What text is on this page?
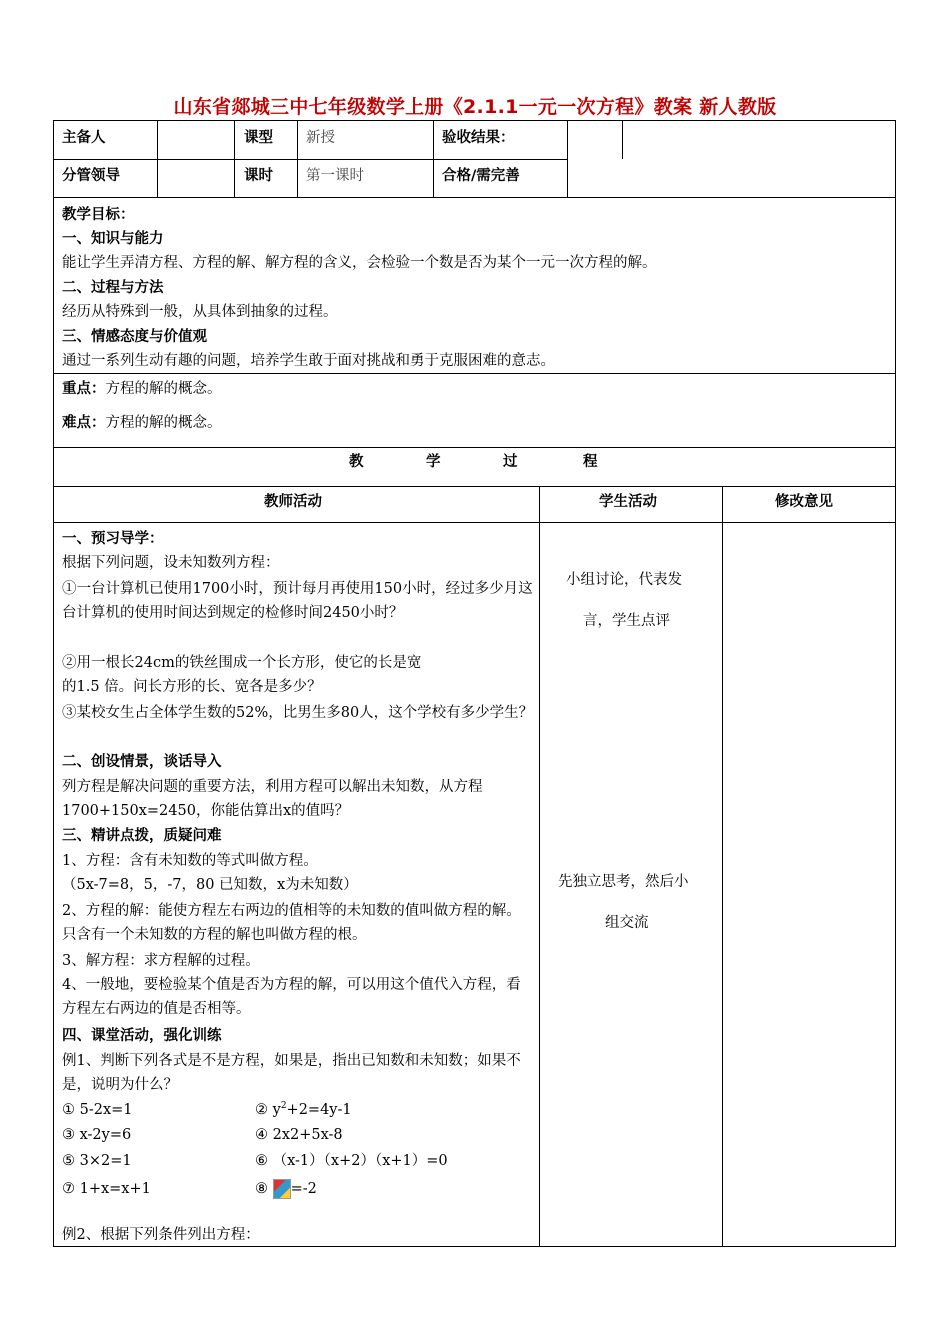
山东省郯城三中七年级数学上册《2.1.1一元一次方程》教案 新人教版
主备人	课型 新授	验收结果：
分管领导	课时 第一课时	合格/需完善
教学目标：
一、知识与能力
能让学生弄清方程、方程的解、解方程的含义，会检验一个数是否为某个一元一次方程的解。
二、过程与方法
经历从特殊到一般，从具体到抽象的过程。
三、情感态度与价值观
通过一系列生动有趣的问题，培养学生敢于面对挑战和勇于克服困难的意志。
重点：方程的解的概念。
难点：方程的解的概念。
教	学	过	程
教师活动	学生活动	修改意见
一、预习导学：
根据下列问题，设未知数列方程：
①一台计算机已使用1700小时，预计每月再使用150小时，经过多少月这台计算机的使用时间达到规定的检修时间2450小时？
②用一根长24cm的铁丝围成一个长方形，使它的长是宽
的1.5 倍。问长方形的长、宽各是多少？
③某校女生占全体学生数的52%，比男生多80人，这个学校有多少学生？
二、创设情景，谈话导入
列方程是解决问题的重要方法，利用方程可以解出未知数，从方程1700+150x=2450，你能估算出x的值吗？
三、精讲点拨，质疑问难
1、方程：含有未知数的等式叫做方程。
（5x-7=8，5，-7，80 已知数，x为未知数）
2、方程的解：能使方程左右两边的值相等的未知数的值叫做方程的解。只含有一个未知数的方程的解也叫做方程的根。
3、解方程：求方程解的过程。
4、一般地，要检验某个值是否为方程的解，可以用这个值代入方程，看方程左右两边的值是否相等。
四、课堂活动，强化训练
例1、判断下列各式是不是方程，如果是，指出已知数和未知数；如果不是，说明为什么？
① 5-2x=1	② $y^2+2=4y-1$
③ x-2y=6	④ 2x2+5x-8
⑤ 3×2=1	⑥ （x-1）（x+2）（x+1）=0
⑦ 1+x=x+1	⑧ =-2
例2、根据下列条件列出方程：
小组讨论，代表发
言，学生点评
先独立思考，然后小
组交流
